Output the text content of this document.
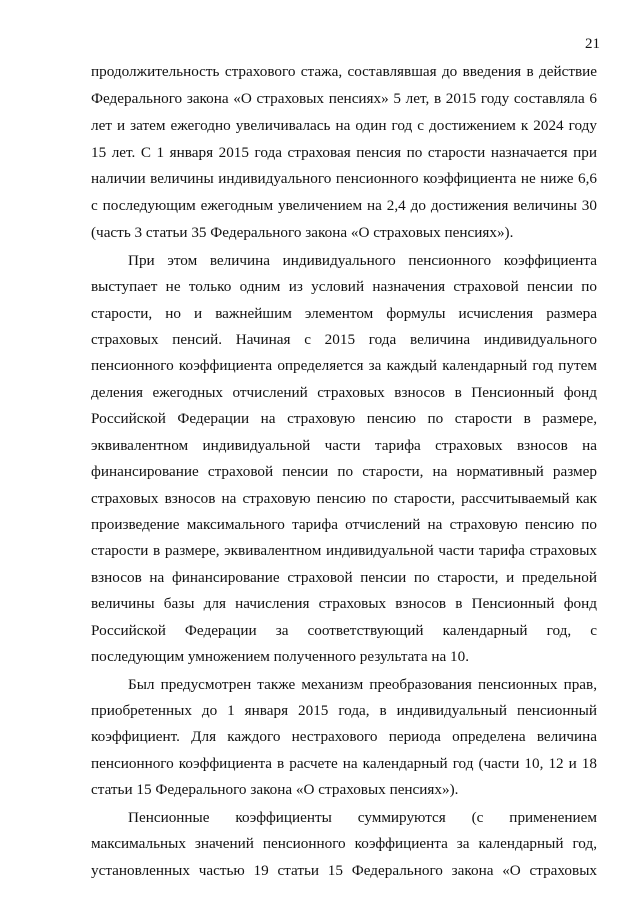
21
продолжительность страхового стажа, составлявшая до введения в действие
Федерального закона «О страховых пенсиях» 5 лет, в 2015 году составляла 6
лет и затем ежегодно увеличивалась на один год с достижением к 2024 году
15 лет. С 1 января 2015 года страховая пенсия по старости назначается при
наличии величины индивидуального пенсионного коэффициента не ниже 6,6
с последующим ежегодным увеличением на 2,4 до достижения величины 30
(часть 3 статьи 35 Федерального закона «О страховых пенсиях»).
При этом величина индивидуального пенсионного коэффициента
выступает не только одним из условий назначения страховой пенсии по
старости, но и важнейшим элементом формулы исчисления размера
страховых пенсий. Начиная с 2015 года величина индивидуального
пенсионного коэффициента определяется за каждый календарный год путем
деления ежегодных отчислений страховых взносов в Пенсионный фонд
Российской Федерации на страховую пенсию по старости в размере,
эквивалентном индивидуальной части тарифа страховых взносов на
финансирование страховой пенсии по старости, на нормативный размер
страховых взносов на страховую пенсию по старости, рассчитываемый как
произведение максимального тарифа отчислений на страховую пенсию по
старости в размере, эквивалентном индивидуальной части тарифа страховых
взносов на финансирование страховой пенсии по старости, и предельной
величины базы для начисления страховых взносов в Пенсионный фонд
Российской Федерации за соответствующий календарный год, с
последующим умножением полученного результата на 10.
Был предусмотрен также механизм преобразования пенсионных прав,
приобретенных до 1 января 2015 года, в индивидуальный пенсионный
коэффициент. Для каждого нестрахового периода определена величина
пенсионного коэффициента в расчете на календарный год (части 10, 12 и 18
статьи 15 Федерального закона «О страховых пенсиях»).
Пенсионные коэффициенты суммируются (с применением
максимальных значений пенсионного коэффициента за календарный год,
установленных частью 19 статьи 15 Федерального закона «О страховых
